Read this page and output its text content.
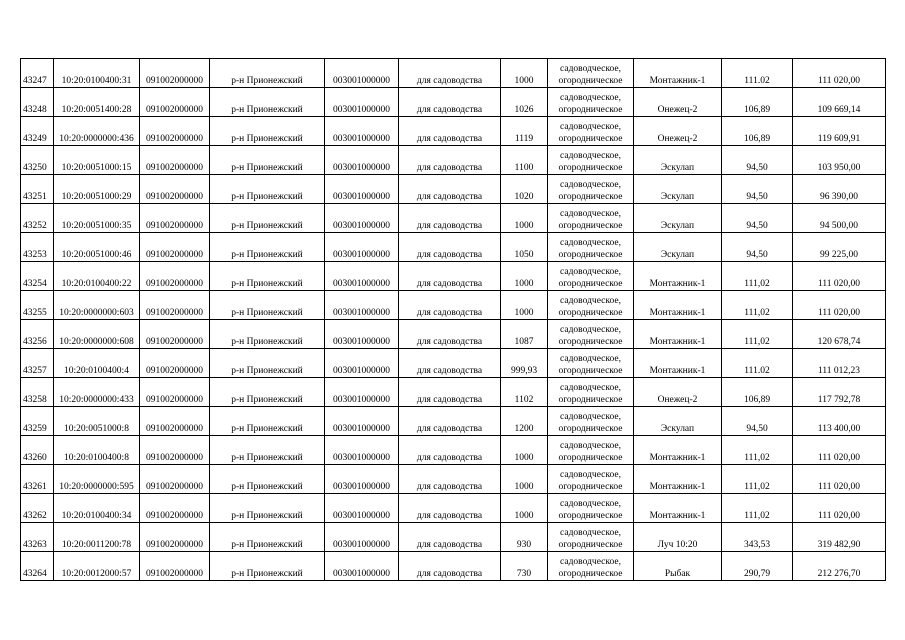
43247	10:20:0100400:31	091002000000	р-н Прионежский	003001000000	для садоводства	1000	садоводческое,
огородническое	Монтажник-1	111.02	111 020,00
43248	10:20:0051400:28	091002000000	р-н Прионежский	003001000000	для садоводства	1026	садоводческое,
огородническое	Онежец-2	106,89	109 669,14
43249	10:20:0000000:436	091002000000	р-н Прионежский	003001000000	для садоводства	1119	садоводческое,
огородническое	Онежец-2	106,89	119 609,91
43250	10:20:0051000:15	091002000000	р-н Прионежский	003001000000	для садоводства	1100	садоводческое,
огородническое	Эскулап	94,50	103 950,00
43251	10:20:0051000:29	091002000000	р-н Прионежский	003001000000	для садоводства	1020	садоводческое,
огородническое	Эскулап	94,50	96 390,00
43252	10:20:0051000:35	091002000000	р-н Прионежский	003001000000	для садоводства	1000	садоводческое,
огородническое	Эскулап	94,50	94 500,00
43253	10:20:0051000:46	091002000000	р-н Прионежский	003001000000	для садоводства	1050	садоводческое,
огородническое	Эскулап	94,50	99 225,00
43254	10:20:0100400:22	091002000000	р-н Прионежский	003001000000	для садоводства	1000	садоводческое,
огородническое	Монтажник-1	111,02	111 020,00
43255	10:20:0000000:603	091002000000	р-н Прионежский	003001000000	для садоводства	1000	садоводческое,
огородническое	Монтажник-1	111,02	111 020,00
43256	10:20:0000000:608	091002000000	р-н Прионежский	003001000000	для садоводства	1087	садоводческое,
огородническое	Монтажник-1	111,02	120 678,74
43257	10:20:0100400:4	091002000000	р-н Прионежский	003001000000	для садоводства	999,93	садоводческое,
огородническое	Монтажник-1	111.02	111 012,23
43258	10:20:0000000:433	091002000000	р-н Прионежский	003001000000	для садоводства	1102	садоводческое,
огородническое	Онежец-2	106,89	117 792,78
43259	10:20:0051000:8	091002000000	р-н Прионежский	003001000000	для садоводства	1200	садоводческое,
огородническое	Эскулап	94,50	113 400,00
43260	10:20:0100400:8	091002000000	р-н Прионежский	003001000000	для садоводства	1000	садоводческое,
огородническое	Монтажник-1	111,02	111 020,00
43261	10:20:0000000:595	091002000000	р-н Прионежский	003001000000	для садоводства	1000	садоводческое,
огородническое	Монтажник-1	111,02	111 020,00
43262	10:20:0100400:34	091002000000	р-н Прионежский	003001000000	для садоводства	1000	садоводческое,
огородническое	Монтажник-1	111,02	111 020,00
43263	10:20:0011200:78	091002000000	р-н Прионежский	003001000000	для садоводства	930	садоводческое,
огородническое	Луч 10:20	343,53	319 482,90
43264	10:20:0012000:57	091002000000	р-н Прионежский	003001000000	для садоводства	730	садоводческое,
огородническое	Рыбак	290,79	212 276,70
